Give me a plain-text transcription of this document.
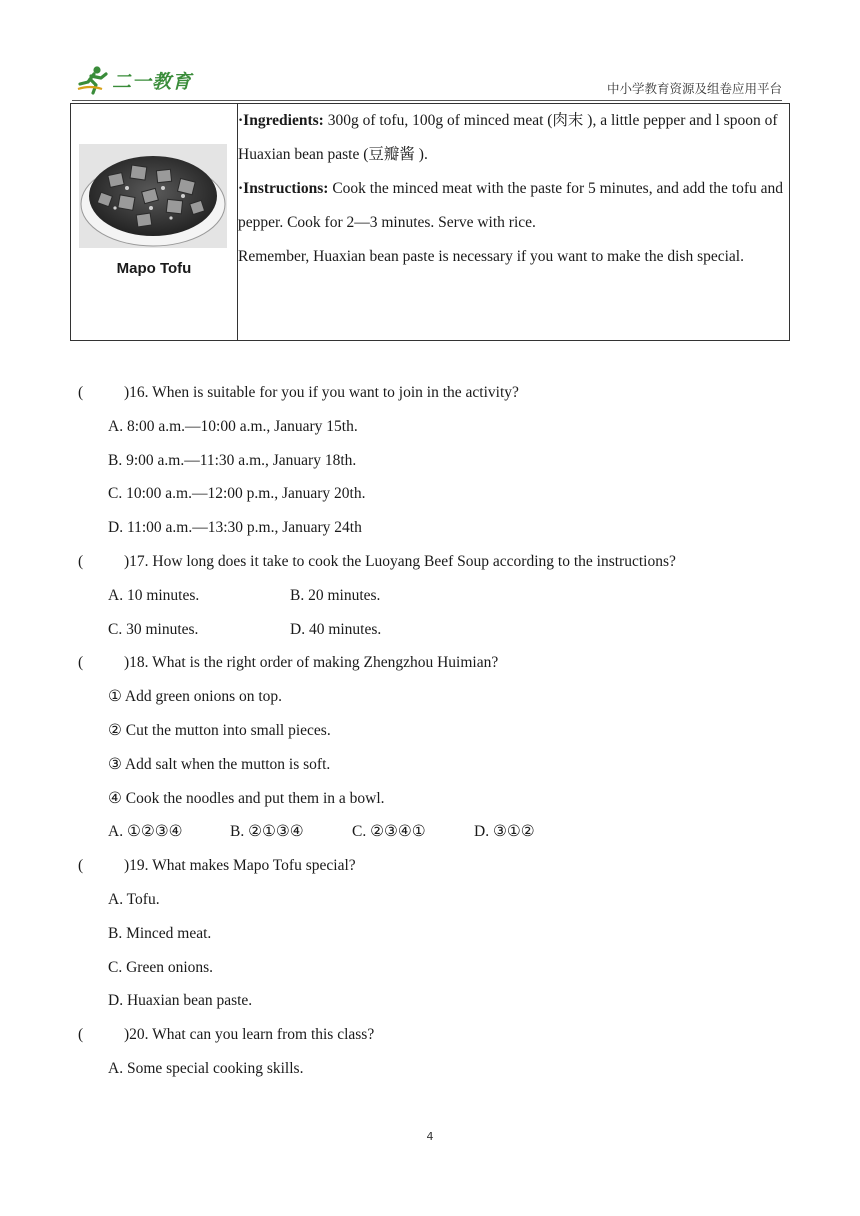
二一教育	中小学教育资源及组卷应用平台
Mapo Tofu

·Ingredients: 300g of tofu, 100g of minced meat (肉末 ), a little pepper and l spoon of Huaxian bean paste (豆瓣酱 ).
·Instructions: Cook the minced meat with the paste for 5 minutes, and add the tofu and pepper. Cook for 2—3 minutes. Serve with rice.
Remember, Huaxian bean paste is necessary if you want to make the dish special.
(	)16. When is suitable for you if you want to join in the activity?
A. 8:00 a.m.—10:00 a.m., January 15th.
B. 9:00 a.m.—11:30 a.m., January 18th.
C. 10:00 a.m.—12:00 p.m., January 20th.
D. 11:00 a.m.—13:30 p.m., January 24th
(	)17. How long does it take to cook the Luoyang Beef Soup according to the instructions?
A. 10 minutes.	B. 20 minutes.
C. 30 minutes.	D. 40 minutes.
(	)18. What is the right order of making Zhengzhou Huimian?
① Add green onions on top.
② Cut the mutton into small pieces.
③ Add salt when the mutton is soft.
④ Cook the noodles and put them in a bowl.
A. ①②③④	B. ②①③④	C. ②③④①	D. ③①②
(	)19. What makes Mapo Tofu special?
A. Tofu.
B. Minced meat.
C. Green onions.
D. Huaxian bean paste.
(	)20. What can you learn from this class?
A. Some special cooking skills.
4
